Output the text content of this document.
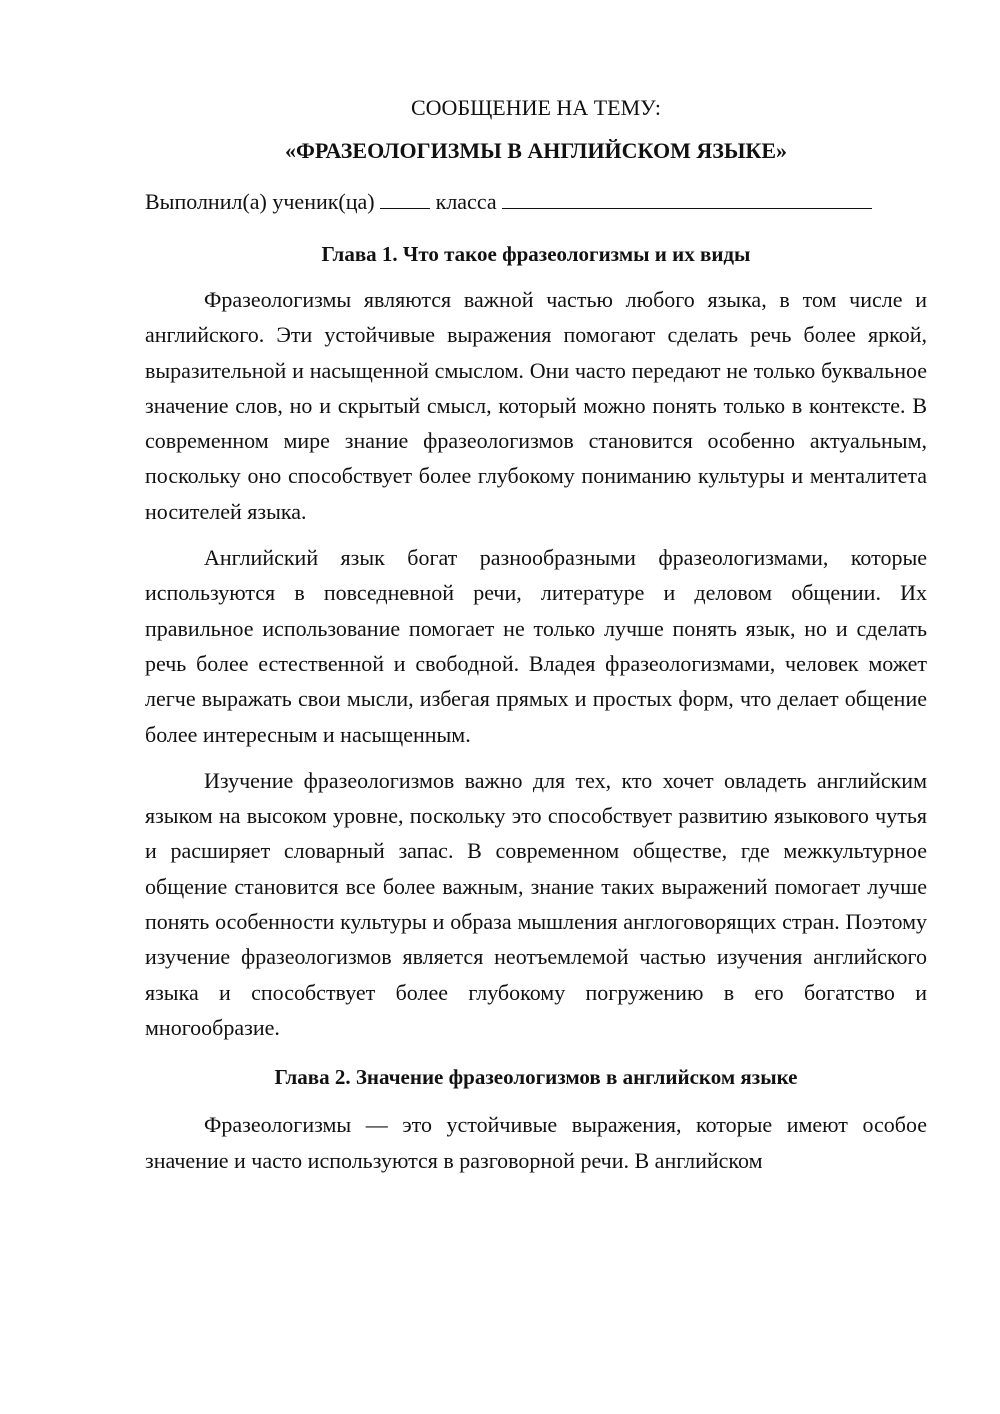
СООБЩЕНИЕ НА ТЕМУ:

«ФРАЗЕОЛОГИЗМЫ В АНГЛИЙСКОМ ЯЗЫКЕ»

Выполнил(а) ученик(ца)	класса

Глава 1. Что такое фразеологизмы и их виды

Фразеологизмы являются важной частью любого языка, в том числе и английского. Эти устойчивые выражения помогают сделать речь более яркой, выразительной и насыщенной смыслом. Они часто передают не только буквальное значение слов, но и скрытый смысл, который можно понять только в контексте. В современном мире знание фразеологизмов становится особенно актуальным, поскольку оно способствует более глубокому пониманию культуры и менталитета носителей языка.

Английский язык богат разнообразными фразеологизмами, которые используются в повседневной речи, литературе и деловом общении. Их правильное использование помогает не только лучше понять язык, но и сделать речь более естественной и свободной. Владея фразеологизмами, человек может легче выражать свои мысли, избегая прямых и простых форм, что делает общение более интересным и насыщенным.

Изучение фразеологизмов важно для тех, кто хочет овладеть английским языком на высоком уровне, поскольку это способствует развитию языкового чутья и расширяет словарный запас. В современном обществе, где межкультурное общение становится все более важным, знание таких выражений помогает лучше понять особенности культуры и образа мышления англоговорящих стран. Поэтому изучение фразеологизмов является неотъемлемой частью изучения английского языка и способствует более глубокому погружению в его богатство и многообразие.

Глава 2. Значение фразеологизмов в английском языке

Фразеологизмы — это устойчивые выражения, которые имеют особое значение и часто используются в разговорной речи. В английском
